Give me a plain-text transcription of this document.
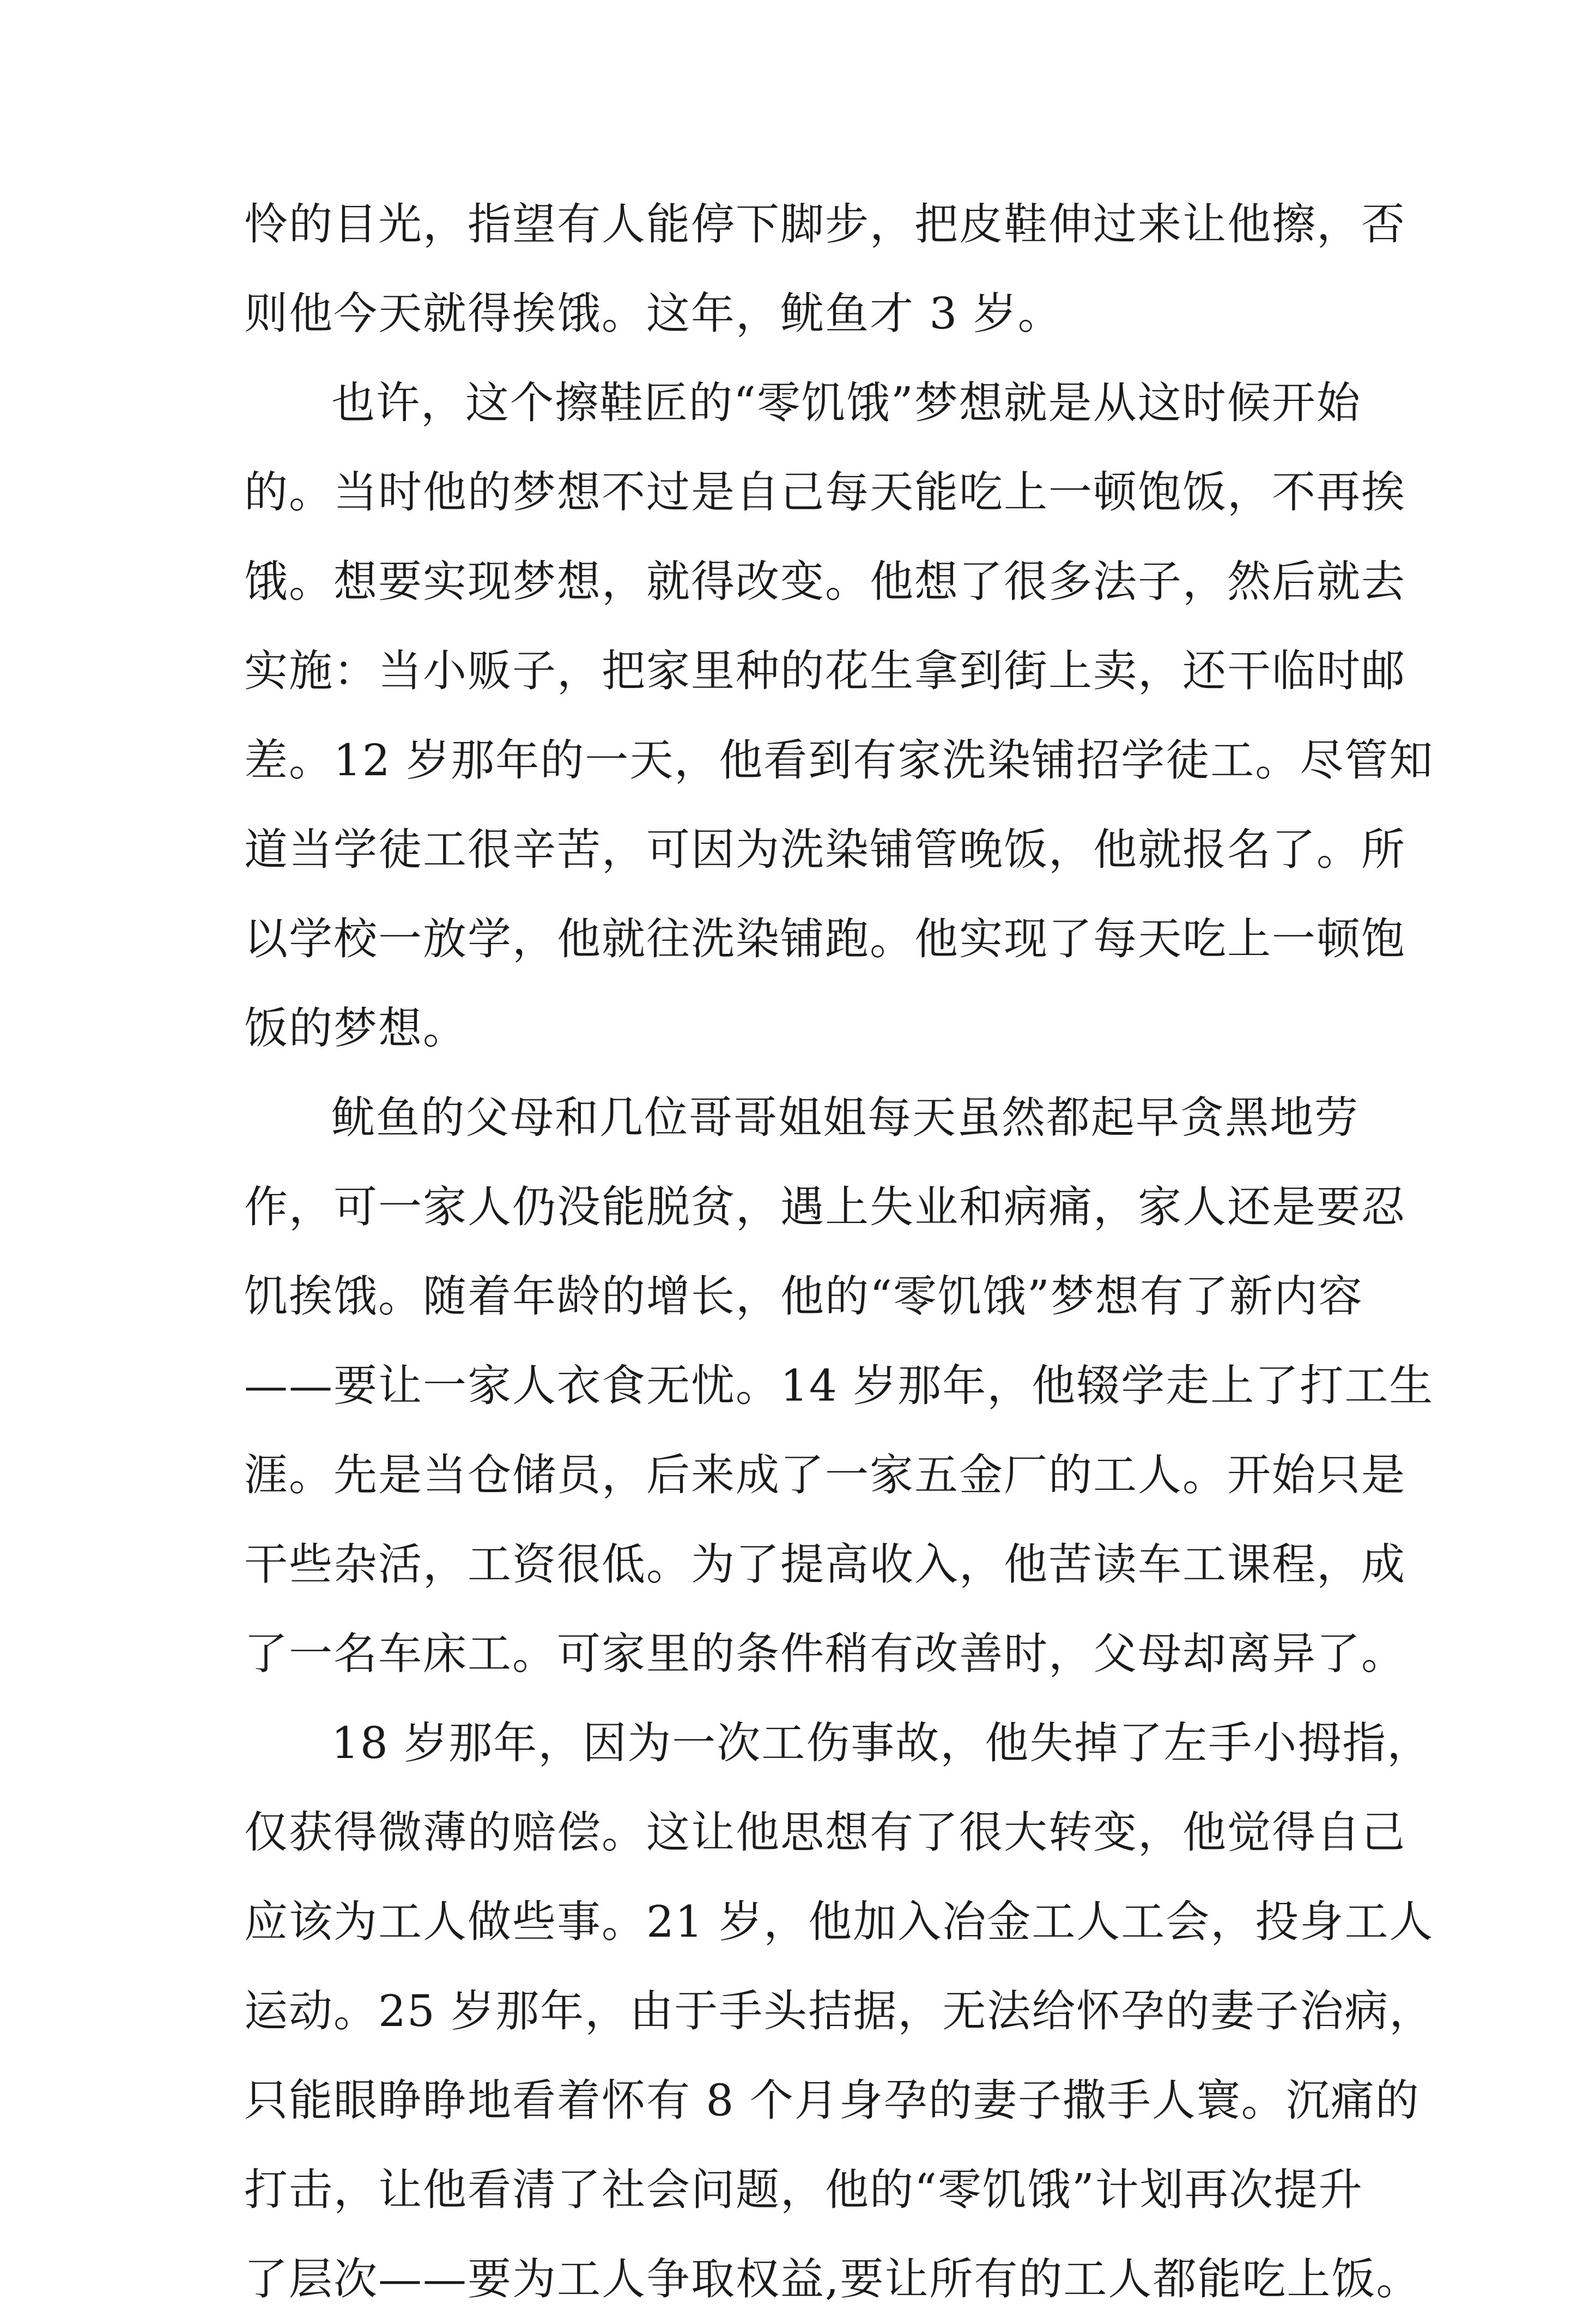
怜的目光，指望有人能停下脚步，把皮鞋伸过来让他擦，否
则他今天就得挨饿。这年，鱿鱼才 3 岁。
也许，这个擦鞋匠的“零饥饿”梦想就是从这时候开始
的。当时他的梦想不过是自己每天能吃上一顿饱饭，不再挨
饿。想要实现梦想，就得改变。他想了很多法子，然后就去
实施：当小贩子，把家里种的花生拿到街上卖，还干临时邮
差。12 岁那年的一天，他看到有家洗染铺招学徒工。尽管知
道当学徒工很辛苦，可因为洗染铺管晚饭，他就报名了。所
以学校一放学，他就往洗染铺跑。他实现了每天吃上一顿饱
饭的梦想。
鱿鱼的父母和几位哥哥姐姐每天虽然都起早贪黑地劳
作，可一家人仍没能脱贫，遇上失业和病痛，家人还是要忍
饥挨饿。随着年龄的增长，他的“零饥饿”梦想有了新内容
——要让一家人衣食无忧。14 岁那年，他辍学走上了打工生
涯。先是当仓储员，后来成了一家五金厂的工人。开始只是
干些杂活，工资很低。为了提高收入，他苦读车工课程，成
了一名车床工。可家里的条件稍有改善时，父母却离异了。
18 岁那年，因为一次工伤事故，他失掉了左手小拇指，
仅获得微薄的赔偿。这让他思想有了很大转变，他觉得自己
应该为工人做些事。21 岁，他加入冶金工人工会，投身工人
运动。25 岁那年，由于手头拮据，无法给怀孕的妻子治病，
只能眼睁睁地看着怀有 8 个月身孕的妻子撒手人寰。沉痛的
打击，让他看清了社会问题，他的“零饥饿”计划再次提升
了层次——要为工人争取权益,要让所有的工人都能吃上饭。
